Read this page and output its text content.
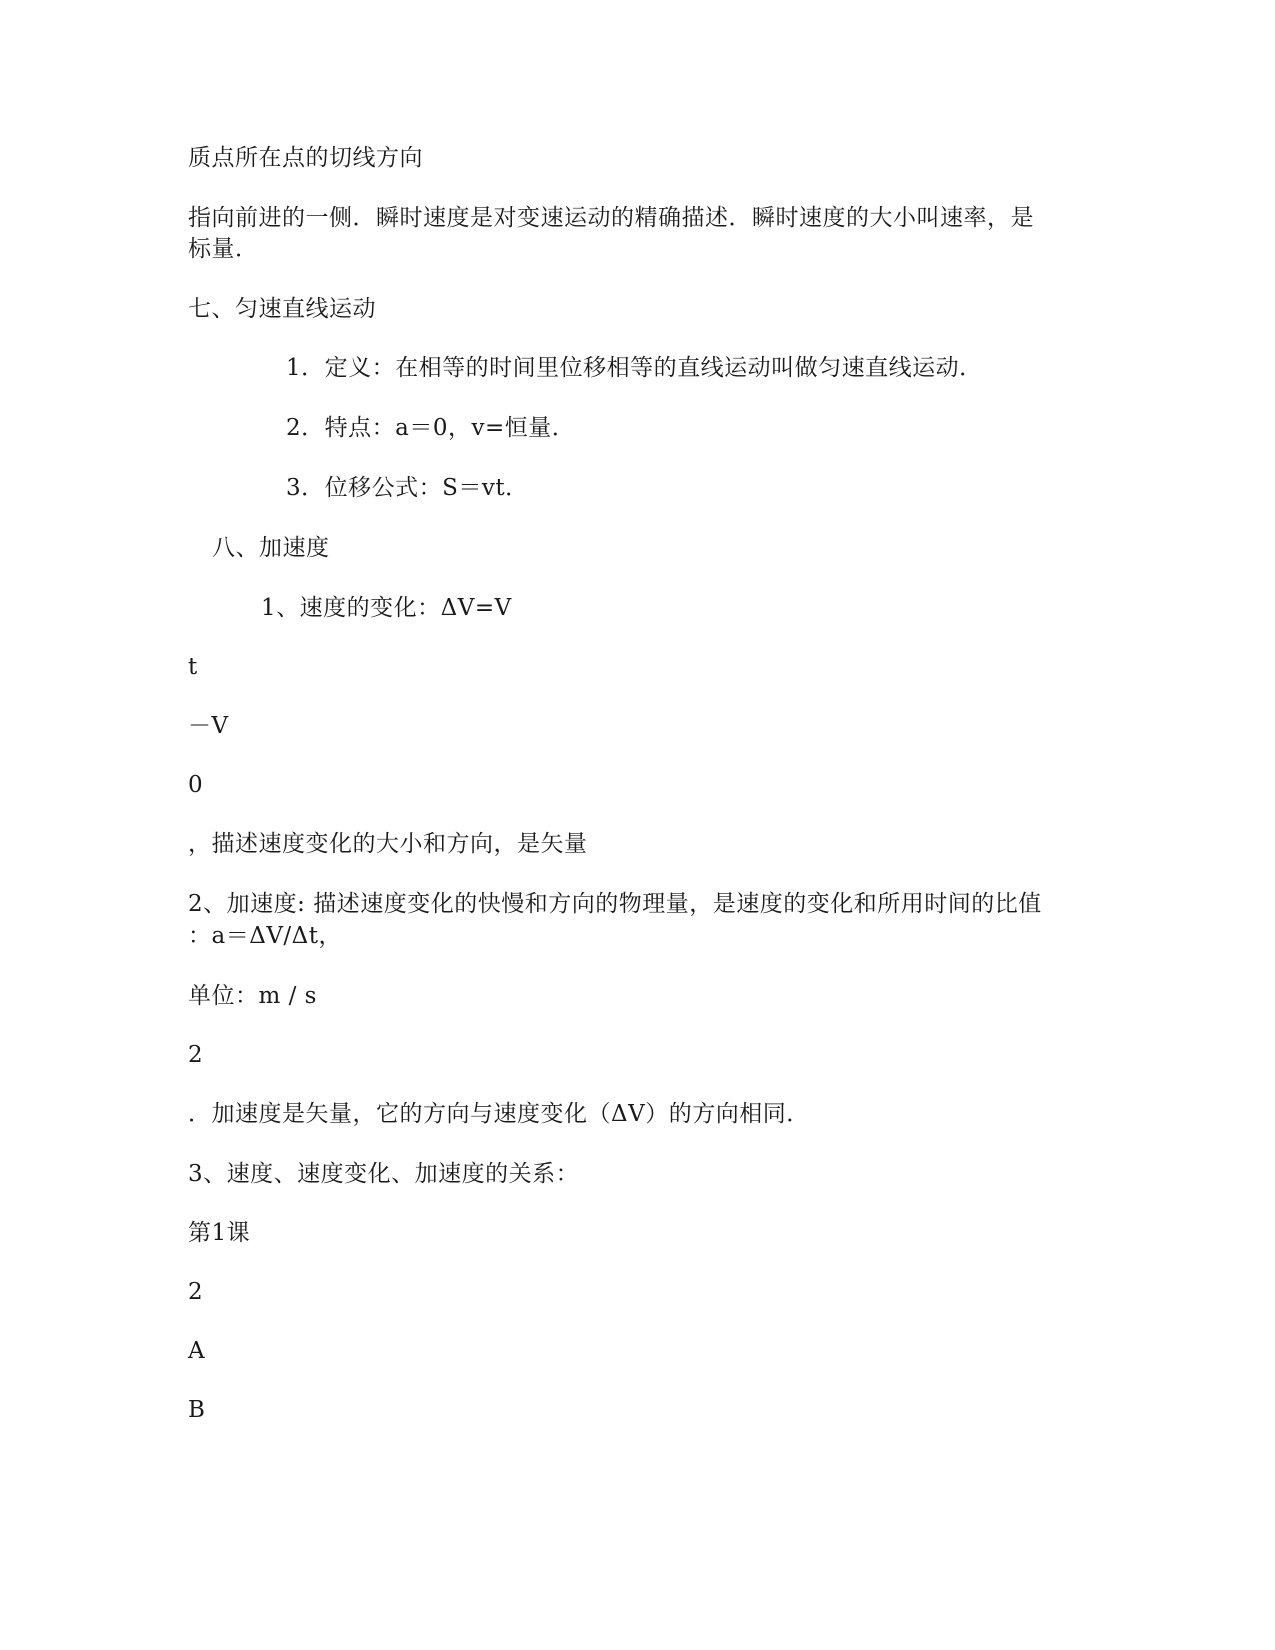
质点所在点的切线方向
指向前进的一侧．瞬时速度是对变速运动的精确描述．瞬时速度的大小叫速率，是
标量．
七、匀速直线运动
1．定义：在相等的时间里位移相等的直线运动叫做匀速直线运动．
2．特点：a＝0，v=恒量．
3．位移公式：S＝vt．
八、加速度
1、速度的变化：ΔV=V
t
－V
0
，描述速度变化的大小和方向，是矢量
2、加速度: 描述速度变化的快慢和方向的物理量，是速度的变化和所用时间的比值
：a＝ΔV/Δt，
单位：m / s
2
．加速度是矢量，它的方向与速度变化（ΔV）的方向相同．
3、速度、速度变化、加速度的关系：
第1课
2
A
B
